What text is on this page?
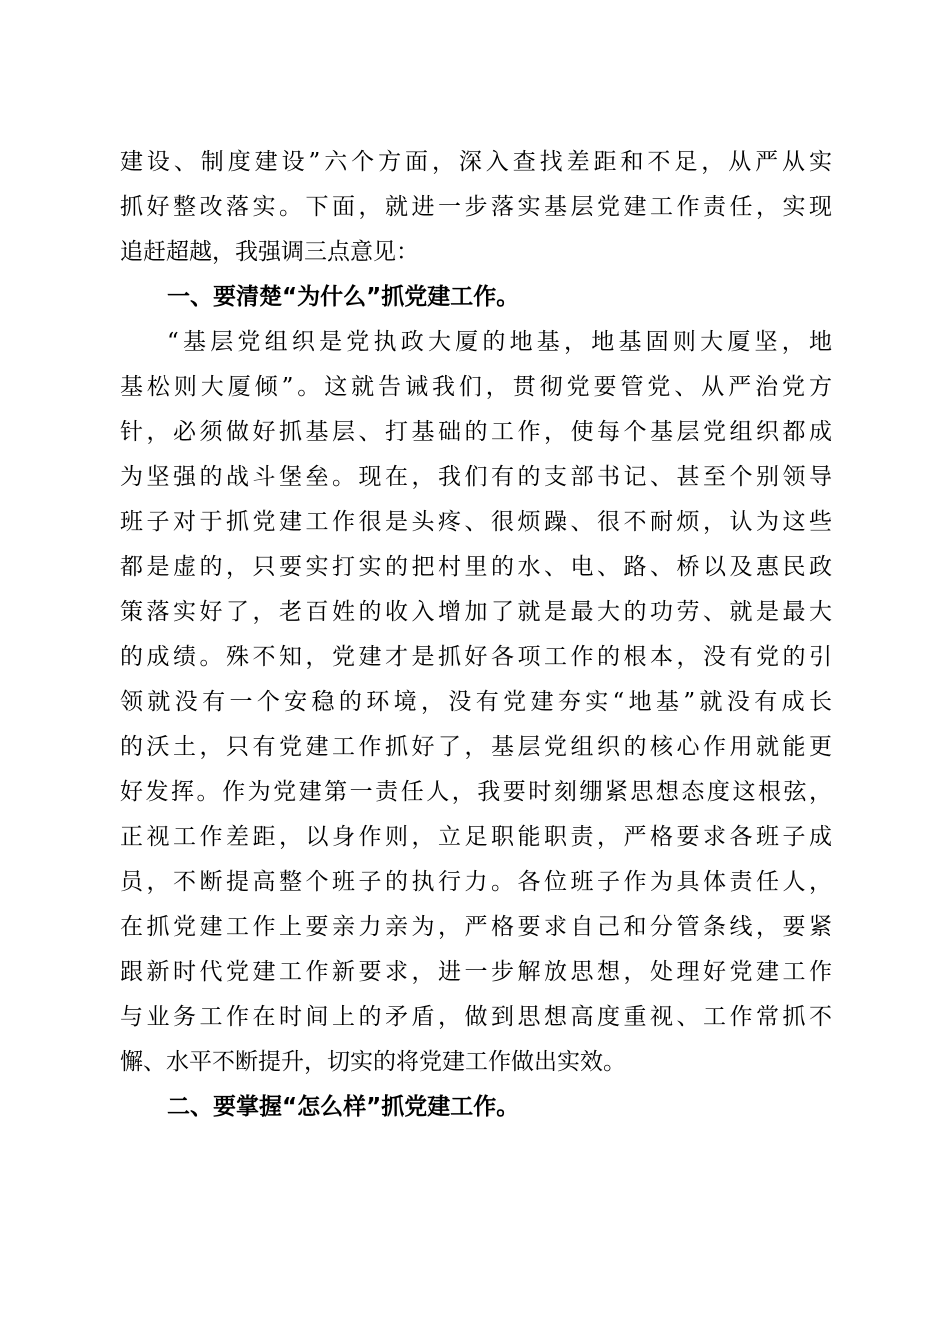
建设、制度建设”六个方面，深入查找差距和不足，从严从实
抓好整改落实。下面，就进一步落实基层党建工作责任，实现
追赶超越，我强调三点意见：
一、要清楚“为什么”抓党建工作。
“基层党组织是党执政大厦的地基，地基固则大厦坚，地
基松则大厦倾”。这就告诫我们，贯彻党要管党、从严治党方
针，必须做好抓基层、打基础的工作，使每个基层党组织都成
为坚强的战斗堡垒。现在，我们有的支部书记、甚至个别领导
班子对于抓党建工作很是头疼、很烦躁、很不耐烦，认为这些
都是虚的，只要实打实的把村里的水、电、路、桥以及惠民政
策落实好了，老百姓的收入增加了就是最大的功劳、就是最大
的成绩。殊不知，党建才是抓好各项工作的根本，没有党的引
领就没有一个安稳的环境，没有党建夯实“地基”就没有成长
的沃土，只有党建工作抓好了，基层党组织的核心作用就能更
好发挥。作为党建第一责任人，我要时刻绷紧思想态度这根弦，
正视工作差距，以身作则，立足职能职责，严格要求各班子成
员，不断提高整个班子的执行力。各位班子作为具体责任人，
在抓党建工作上要亲力亲为，严格要求自己和分管条线，要紧
跟新时代党建工作新要求，进一步解放思想，处理好党建工作
与业务工作在时间上的矛盾，做到思想高度重视、工作常抓不
懈、水平不断提升，切实的将党建工作做出实效。
二、要掌握“怎么样”抓党建工作。
